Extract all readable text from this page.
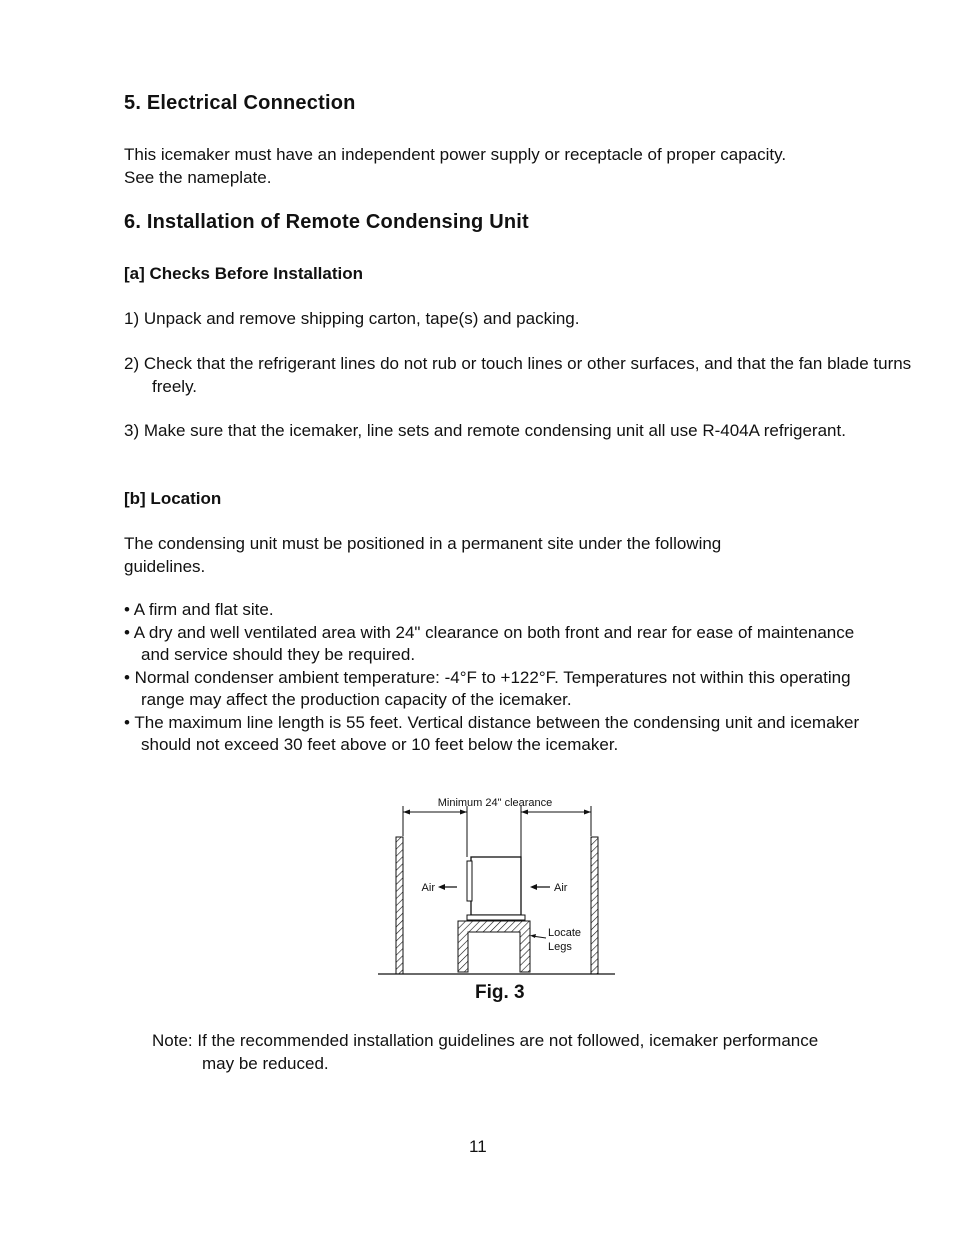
5. Electrical Connection
This icemaker must have an independent power supply or receptacle of proper capacity.
See the nameplate.
6. Installation of Remote Condensing Unit
[a] Checks Before Installation
1) Unpack and remove shipping carton, tape(s) and packing.
2) Check that the refrigerant lines do not rub or touch lines or other surfaces, and that the fan blade turns freely.
3) Make sure that the icemaker, line sets and remote condensing unit all use R-404A refrigerant.
[b] Location
The condensing unit must be positioned in a permanent site under the following guidelines.
• A firm and flat site.
• A dry and well ventilated area with 24" clearance on both front and rear for ease of maintenance and service should they be required.
• Normal condenser ambient temperature: -4°F to +122°F. Temperatures not within this operating range may affect the production capacity of the icemaker.
• The maximum line length is 55 feet. Vertical distance between the condensing unit and icemaker should not exceed 30 feet above or 10 feet below the icemaker.
Minimum 24" clearance
Air	Air
Locate
Legs
Fig. 3
Note: If the recommended installation guidelines are not followed, icemaker performance may be reduced.
11
